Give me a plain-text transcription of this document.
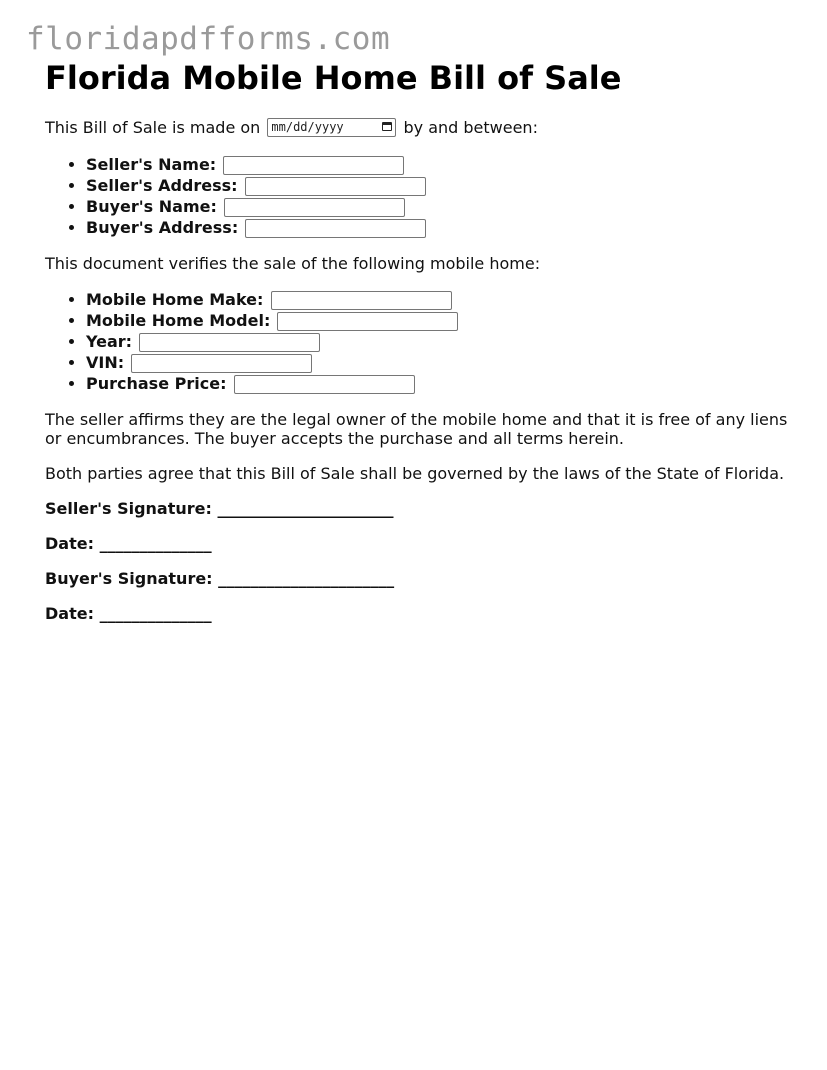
floridapdfforms.com
Florida Mobile Home Bill of Sale

This Bill of Sale is made on mm/dd/yyyy	by and between:

• Seller's Name:
• Seller's Address:
• Buyer's Name:
• Buyer's Address:

This document verifies the sale of the following mobile home:

• Mobile Home Make:
• Mobile Home Model:
• Year:
• VIN:
• Purchase Price:

The seller affirms they are the legal owner of the mobile home and that it is free of any liens or encumbrances. The buyer accepts the purchase and all terms herein.

Both parties agree that this Bill of Sale shall be governed by the laws of the State of Florida.

Seller's Signature: ______________________
Date: ______________
Buyer's Signature: ______________________
Date: ______________
